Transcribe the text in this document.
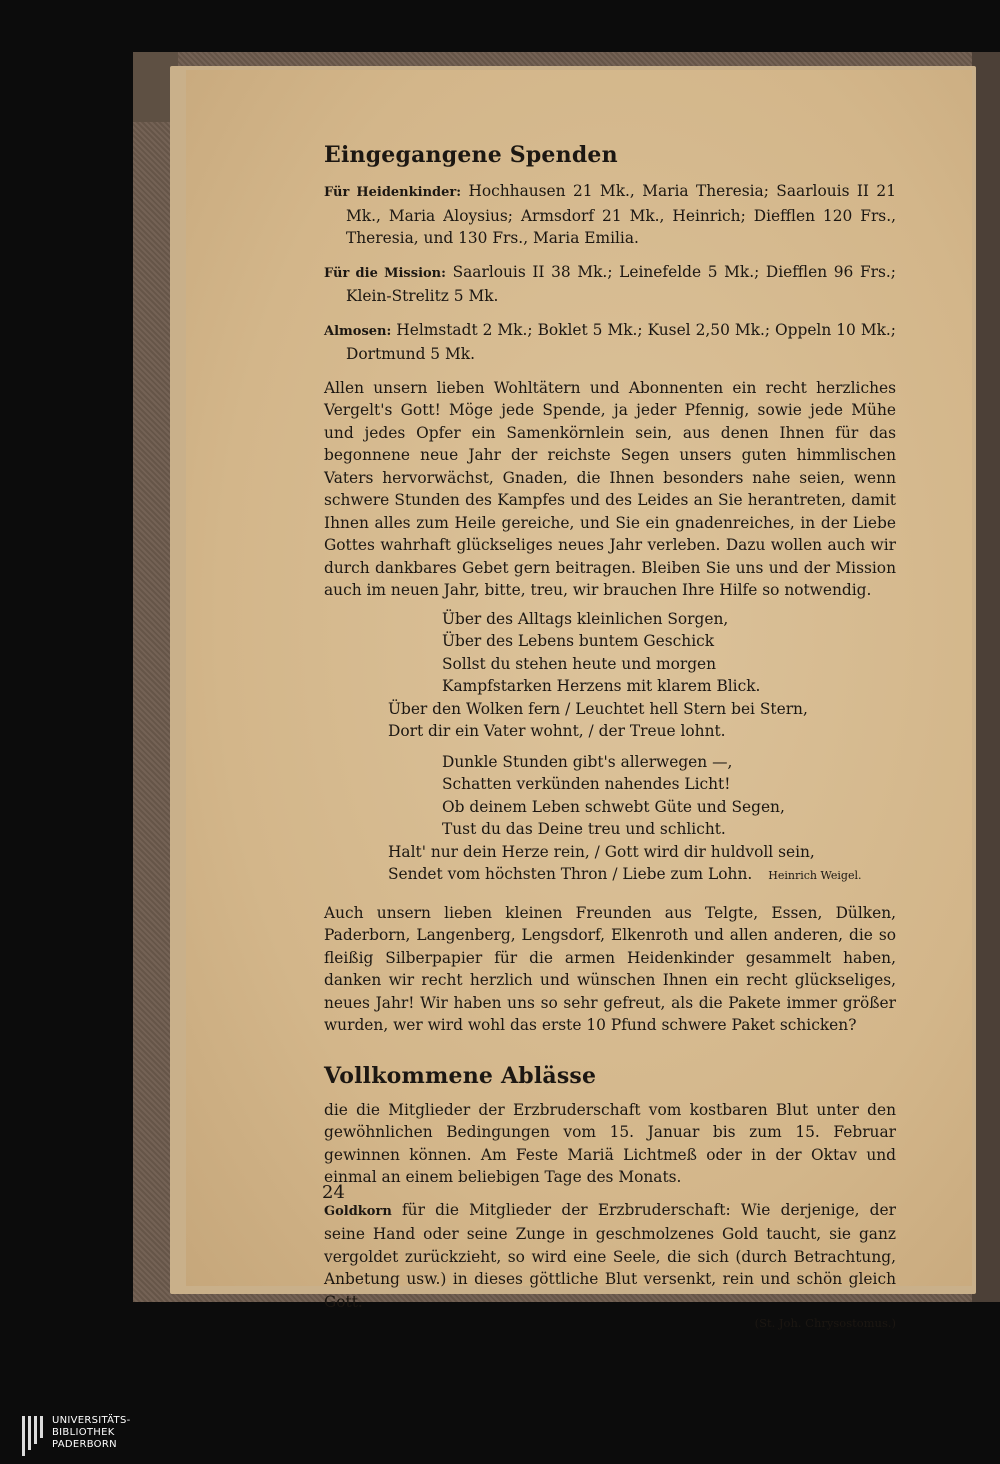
Eingegangene Spenden

Für Heidenkinder: Hochhausen 21 Mk., Maria Theresia; Saarlouis II 21 Mk., Maria Aloysius; Armsdorf 21 Mk., Heinrich; Diefflen 120 Frs., Theresia, und 130 Frs., Maria Emilia.

Für die Mission: Saarlouis II 38 Mk.; Leinefelde 5 Mk.; Diefflen 96 Frs.; Klein-Strelitz 5 Mk.

Almosen: Helmstadt 2 Mk.; Boklet 5 Mk.; Kusel 2,50 Mk.; Oppeln 10 Mk.; Dortmund 5 Mk.

Allen unsern lieben Wohltätern und Abonnenten ein recht herzliches Vergelt's Gott! Möge jede Spende, ja jeder Pfennig, sowie jede Mühe und jedes Opfer ein Samenkörnlein sein, aus denen Ihnen für das begonnene neue Jahr der reichste Segen unsers guten himmlischen Vaters hervorwächst, Gnaden, die Ihnen besonders nahe seien, wenn schwere Stunden des Kampfes und des Leides an Sie herantreten, damit Ihnen alles zum Heile gereiche, und Sie ein gnadenreiches, in der Liebe Gottes wahrhaft glückseliges neues Jahr verleben. Dazu wollen auch wir durch dankbares Gebet gern beitragen. Bleiben Sie uns und der Mission auch im neuen Jahr, bitte, treu, wir brauchen Ihre Hilfe so notwendig.

Über des Alltags kleinlichen Sorgen,
Über des Lebens buntem Geschick
Sollst du stehen heute und morgen
Kampfstarken Herzens mit klarem Blick.
Über den Wolken fern / Leuchtet hell Stern bei Stern,
Dort dir ein Vater wohnt, / der Treue lohnt.
Dunkle Stunden gibt's allerwegen —,
Schatten verkünden nahendes Licht!
Ob deinem Leben schwebt Güte und Segen,
Tust du das Deine treu und schlicht.
Halt' nur dein Herze rein, / Gott wird dir huldvoll sein,
Sendet vom höchsten Thron / Liebe zum Lohn. Heinrich Weigel.

Auch unsern lieben kleinen Freunden aus Telgte, Essen, Dülken, Paderborn, Langenberg, Lengsdorf, Elkenroth und allen anderen, die so fleißig Silberpapier für die armen Heidenkinder gesammelt haben, danken wir recht herzlich und wünschen Ihnen ein recht glückseliges, neues Jahr! Wir haben uns so sehr gefreut, als die Pakete immer größer wurden, wer wird wohl das erste 10 Pfund schwere Paket schicken?

Vollkommene Ablässe

die die Mitglieder der Erzbruderschaft vom kostbaren Blut unter den gewöhnlichen Bedingungen vom 15. Januar bis zum 15. Februar gewinnen können. Am Feste Mariä Lichtmeß oder in der Oktav und einmal an einem beliebigen Tage des Monats.

Goldkorn für die Mitglieder der Erzbruderschaft: Wie derjenige, der seine Hand oder seine Zunge in geschmolzenes Gold taucht, sie ganz vergoldet zurückzieht, so wird eine Seele, die sich (durch Betrachtung, Anbetung usw.) in dieses göttliche Blut versenkt, rein und schön gleich Gott.

(St. Joh. Chrysostomus.)
24
UNIVERSITÄTS-
BIBLIOTHEK
PADERBORN
